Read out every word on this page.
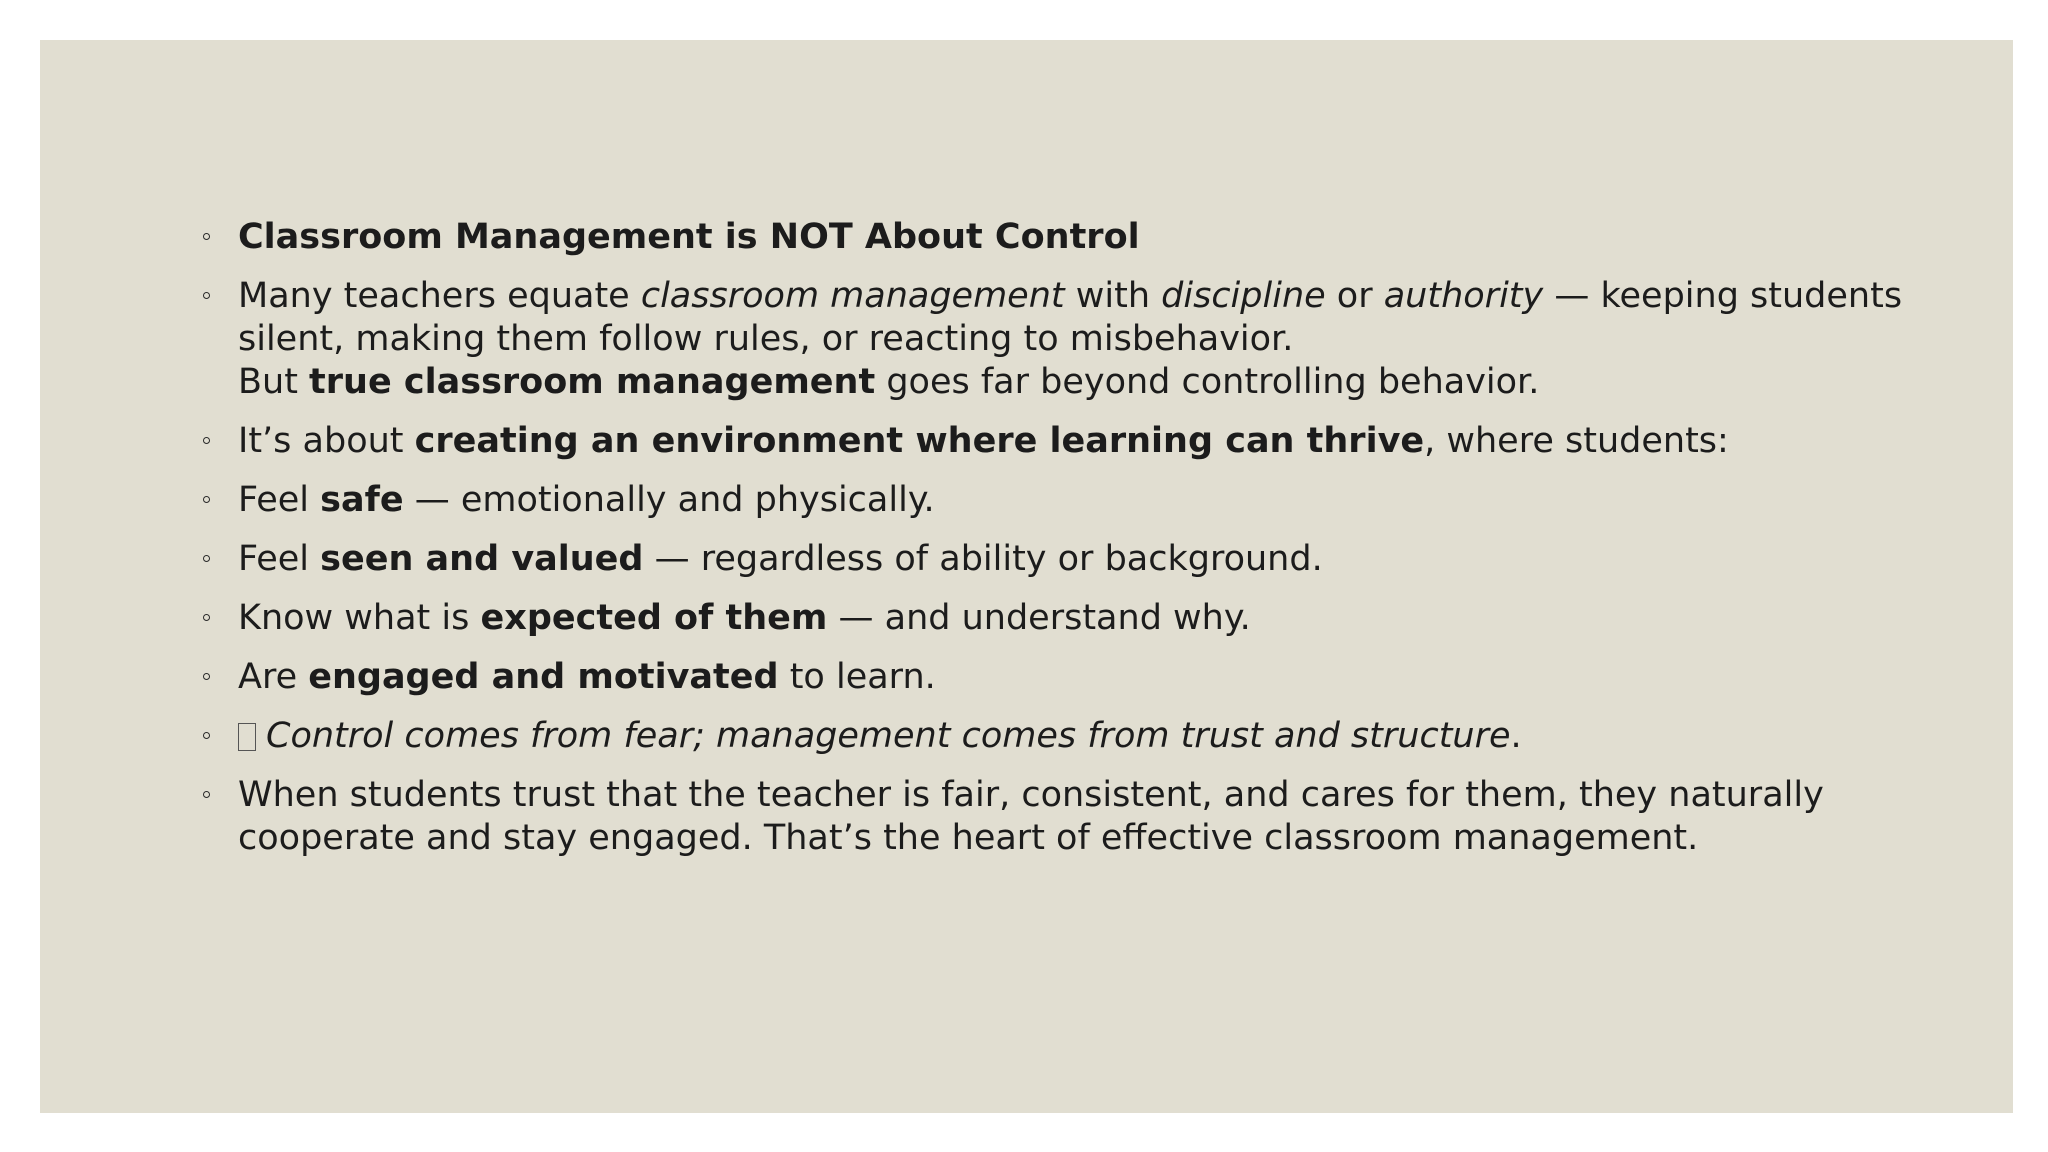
Classroom Management is NOT About Control
Many teachers equate classroom management with discipline or authority — keeping students
silent, making them follow rules, or reacting to misbehavior.
But true classroom management goes far beyond controlling behavior.
It’s about creating an environment where learning can thrive, where students:
Feel safe — emotionally and physically.
Feel seen and valued — regardless of ability or background.
Know what is expected of them — and understand why.
Are engaged and motivated to learn.
Control comes from fear; management comes from trust and structure.
When students trust that the teacher is fair, consistent, and cares for them, they naturally
cooperate and stay engaged. That’s the heart of effective classroom management.
